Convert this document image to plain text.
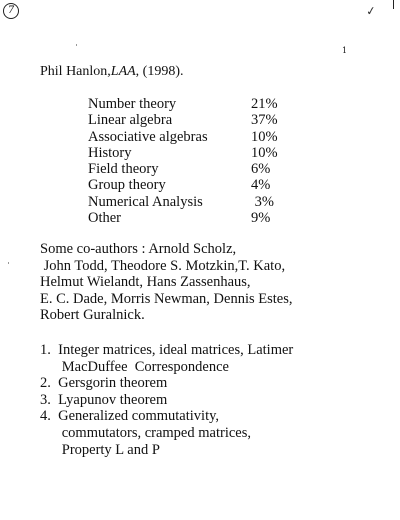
7	✓
1
Phil Hanlon,LAA, (1998).
Number theory	21%
Linear algebra	37%
Associative algebras	10%
History	10%
Field theory	6%
Group theory	4%
Numerical Analysis	3%
Other	9%
Some co-authors : Arnold Scholz,
John Todd, Theodore S. Motzkin,T. Kato,
Helmut Wielandt, Hans Zassenhaus,
E. C. Dade, Morris Newman, Dennis Estes,
Robert Guralnick.
1.  Integer matrices, ideal matrices, Latimer
MacDuffee  Correspondence
2.  Gersgorin theorem
3.  Lyapunov theorem
4.  Generalized commutativity,
commutators, cramped matrices,
Property L and P
